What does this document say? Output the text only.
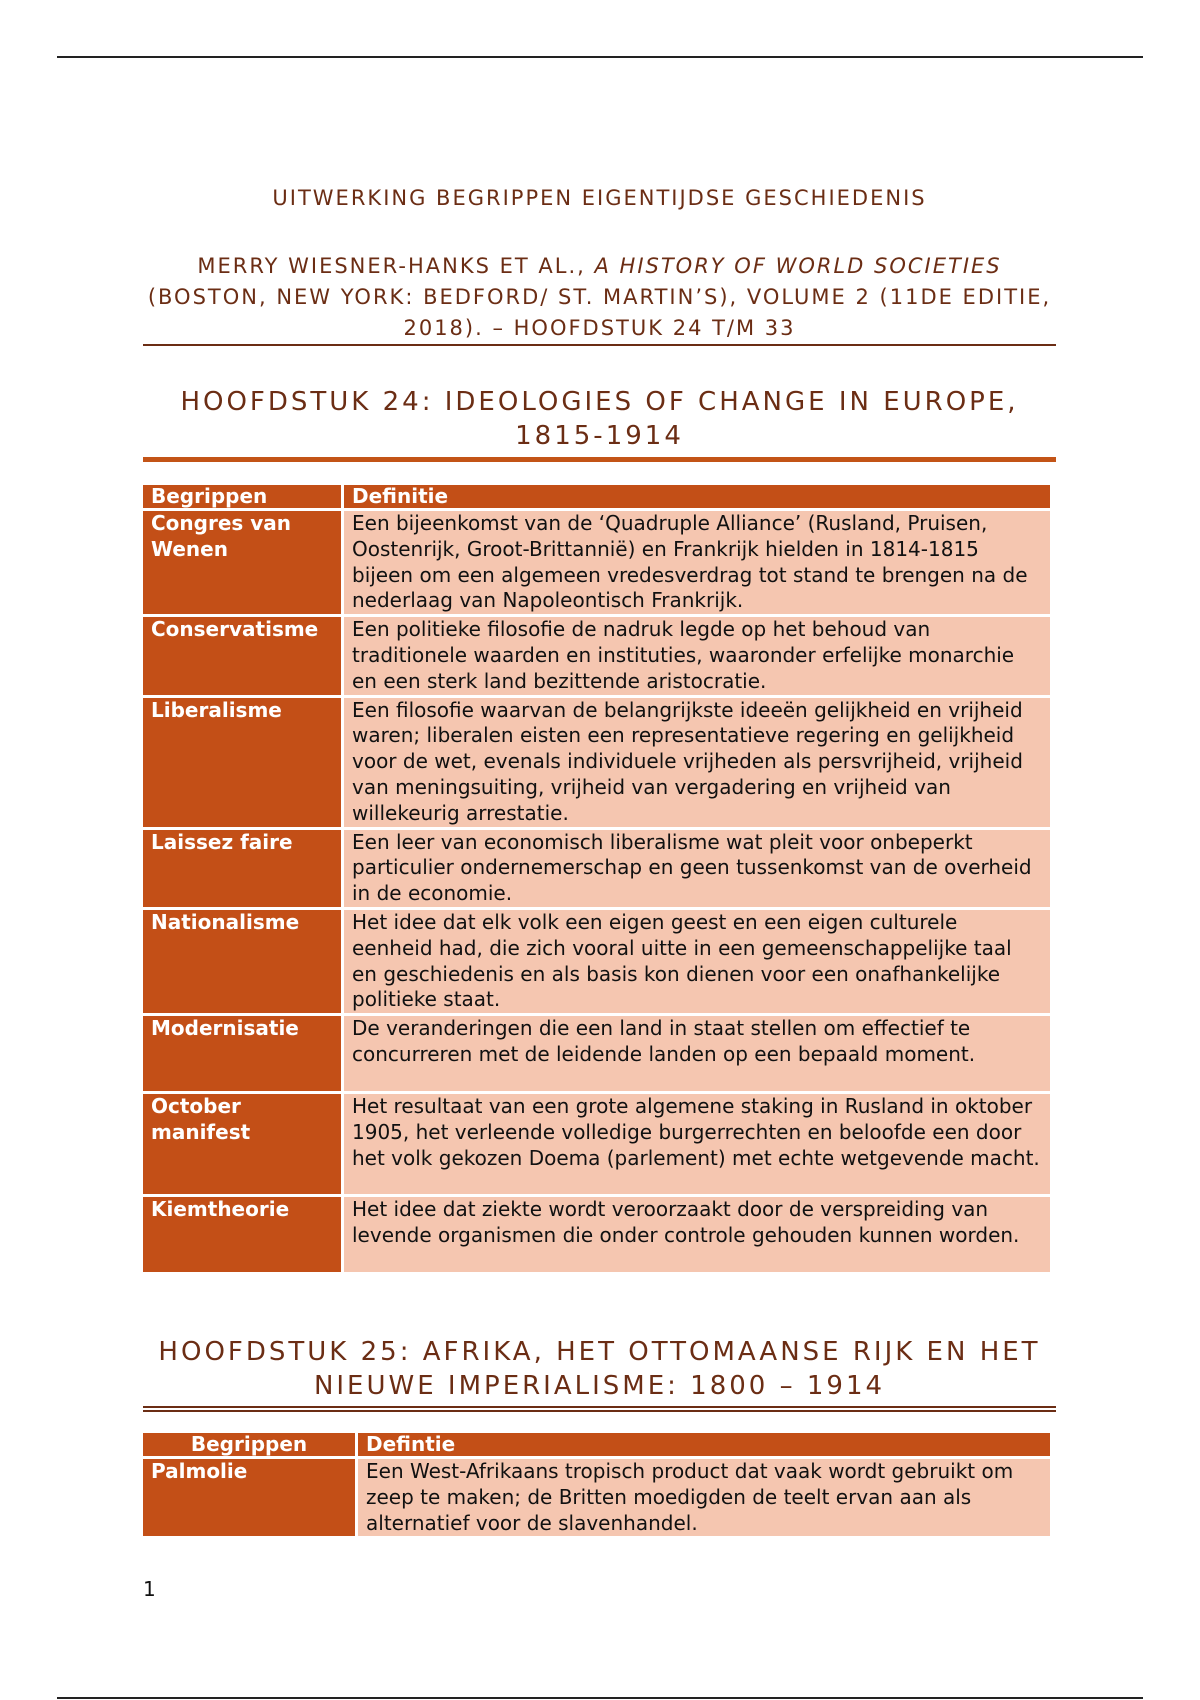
UITWERKING BEGRIPPEN EIGENTIJDSE GESCHIEDENIS
MERRY WIESNER-HANKS ET AL., A HISTORY OF WORLD SOCIETIES (BOSTON, NEW YORK: BEDFORD/ ST. MARTIN’S), VOLUME 2 (11DE EDITIE, 2018). – HOOFDSTUK 24 T/M 33
HOOFDSTUK 24: IDEOLOGIES OF CHANGE IN EUROPE, 1815-1914
Begrippen	Definitie
Congres van Wenen	Een bijeenkomst van de ‘Quadruple Alliance’ (Rusland, Pruisen, Oostenrijk, Groot-Brittannië) en Frankrijk hielden in 1814-1815 bijeen om een algemeen vredesverdrag tot stand te brengen na de nederlaag van Napoleontisch Frankrijk.
Conservatisme	Een politieke filosofie de nadruk legde op het behoud van traditionele waarden en instituties, waaronder erfelijke monarchie en een sterk land bezittende aristocratie.
Liberalisme	Een filosofie waarvan de belangrijkste ideeën gelijkheid en vrijheid waren; liberalen eisten een representatieve regering en gelijkheid voor de wet, evenals individuele vrijheden als persvrijheid, vrijheid van meningsuiting, vrijheid van vergadering en vrijheid van willekeurig arrestatie.
Laissez faire	Een leer van economisch liberalisme wat pleit voor onbeperkt particulier ondernemerschap en geen tussenkomst van de overheid in de economie.
Nationalisme	Het idee dat elk volk een eigen geest en een eigen culturele eenheid had, die zich vooral uitte in een gemeenschappelijke taal en geschiedenis en als basis kon dienen voor een onafhankelijke politieke staat.
Modernisatie	De veranderingen die een land in staat stellen om effectief te concurreren met de leidende landen op een bepaald moment.
October manifest	Het resultaat van een grote algemene staking in Rusland in oktober 1905, het verleende volledige burgerrechten en beloofde een door het volk gekozen Doema (parlement) met echte wetgevende macht.
Kiemtheorie	Het idee dat ziekte wordt veroorzaakt door de verspreiding van levende organismen die onder controle gehouden kunnen worden.
HOOFDSTUK 25: AFRIKA, HET OTTOMAANSE RIJK EN HET NIEUWE IMPERIALISME: 1800 – 1914
Begrippen	Defintie
Palmolie	Een West-Afrikaans tropisch product dat vaak wordt gebruikt om zeep te maken; de Britten moedigden de teelt ervan aan als alternatief voor de slavenhandel.
1
